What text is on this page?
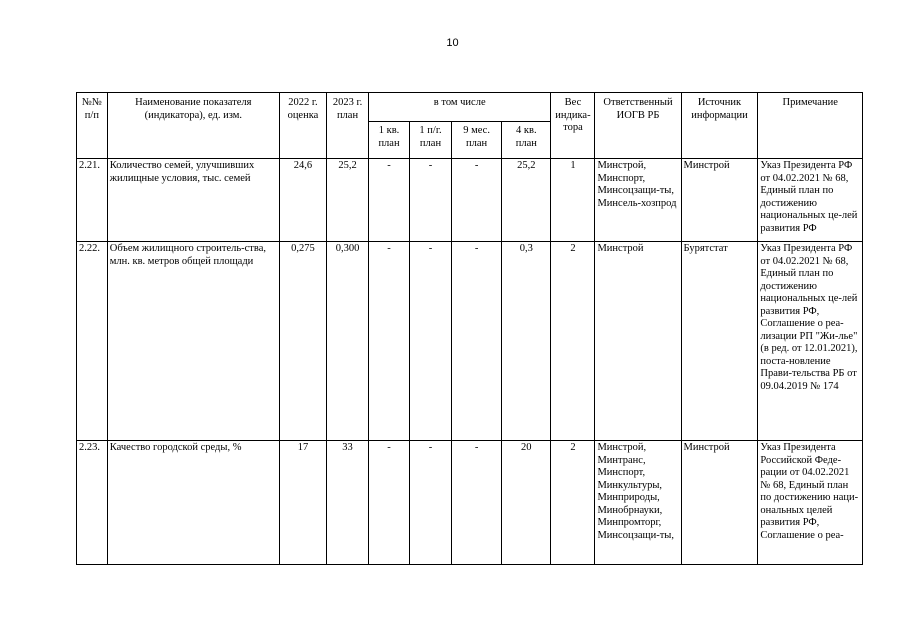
10
№№ п/п	Наименование показателя (индикатора), ед. изм.	2022 г. оценка	2023 г. план	в том числе				Вес индика-тора	Ответственный ИОГВ РБ	Источник информации	Примечание
				1 кв. план	1 п/г. план	9 мес. план	4 кв. план				
2.21.	Количество семей, улучшивших жилищные условия, тыс. семей	24,6	25,2	-	-	-	25,2	1	Минстрой, Минспорт, Минсоцзащи-ты, Минсель-хозпрод	Минстрой	Указ Президента РФ от 04.02.2021 № 68, Единый план по достижению национальных це-лей развития РФ
2.22.	Объем жилищного строитель-ства, млн. кв. метров общей площади	0,275	0,300	-	-	-	0,3	2	Минстрой	Бурятстат	Указ Президента РФ от 04.02.2021 № 68, Единый план по достижению национальных це-лей развития РФ, Соглашение о реа-лизации РП "Жи-лье"(в ред. от 12.01.2021), поста-новление Прави-тельства РБ от 09.04.2019 № 174
2.23.	Качество городской среды, %	17	33	-	-	-	20	2	Минстрой, Минтранс, Минспорт, Минкультуры, Минприроды, Минобрнауки, Минпромторг, Минсоцзащи-ты,	Минстрой	Указ Президента Российской Феде-рации от 04.02.2021 № 68, Единый план по достижению наци-ональных целей развития РФ, Соглашение о реа-
